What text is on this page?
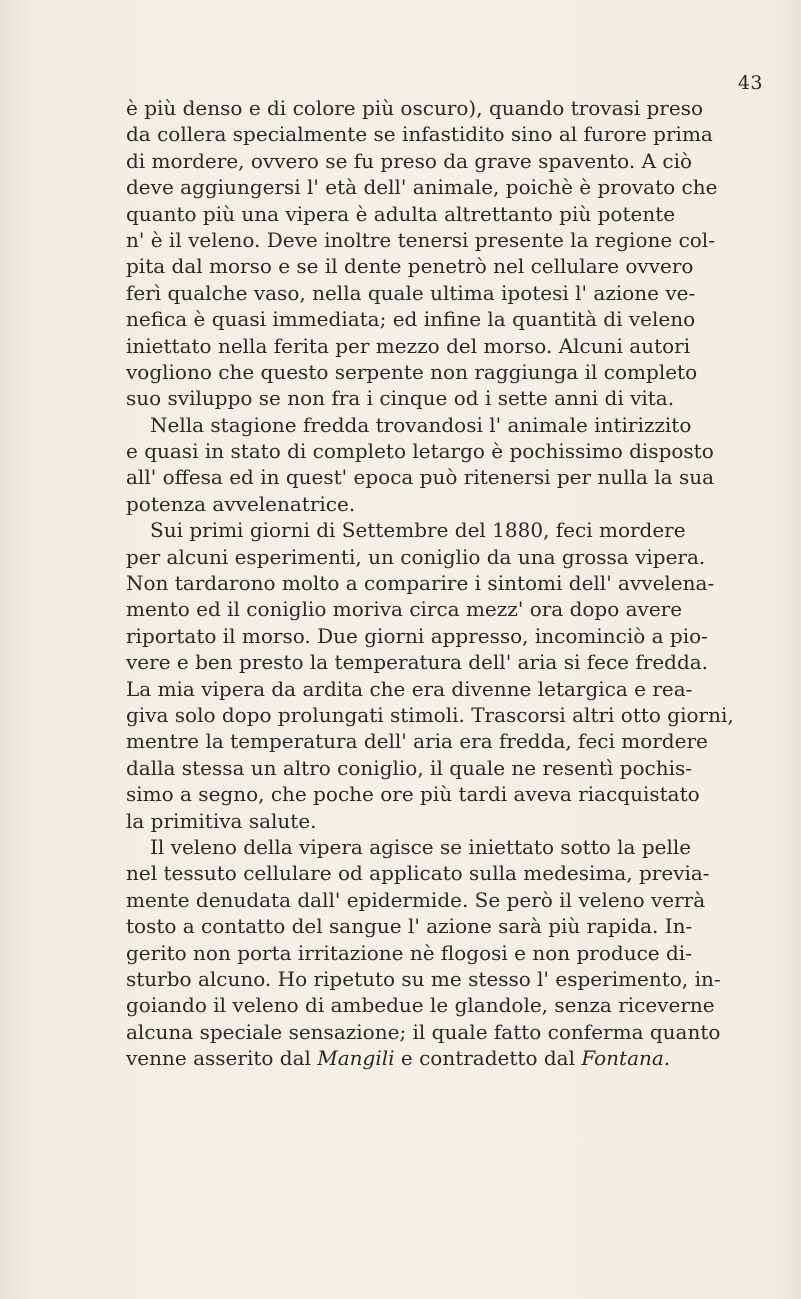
43
è più denso e di colore più oscuro), quando trovasi preso
da collera specialmente se infastidito sino al furore prima
di mordere, ovvero se fu preso da grave spavento. A ciò
deve aggiungersi l' età dell' animale, poichè è provato che
quanto più una vipera è adulta altrettanto più potente
n' è il veleno. Deve inoltre tenersi presente la regione col-
pita dal morso e se il dente penetrò nel cellulare ovvero
ferì qualche vaso, nella quale ultima ipotesi l' azione ve-
nefica è quasi immediata; ed infine la quantità di veleno
iniettato nella ferita per mezzo del morso. Alcuni autori
vogliono che questo serpente non raggiunga il completo
suo sviluppo se non fra i cinque od i sette anni di vita.
Nella stagione fredda trovandosi l' animale intirizzito
e quasi in stato di completo letargo è pochissimo disposto
all' offesa ed in quest' epoca può ritenersi per nulla la sua
potenza avvelenatrice.
Sui primi giorni di Settembre del 1880, feci mordere
per alcuni esperimenti, un coniglio da una grossa vipera.
Non tardarono molto a comparire i sintomi dell' avvelena-
mento ed il coniglio moriva circa mezz' ora dopo avere
riportato il morso. Due giorni appresso, incominciò a pio-
vere e ben presto la temperatura dell' aria si fece fredda.
La mia vipera da ardita che era divenne letargica e rea-
giva solo dopo prolungati stimoli. Trascorsi altri otto giorni,
mentre la temperatura dell' aria era fredda, feci mordere
dalla stessa un altro coniglio, il quale ne resentì pochis-
simo a segno, che poche ore più tardi aveva riacquistato
la primitiva salute.
Il veleno della vipera agisce se iniettato sotto la pelle
nel tessuto cellulare od applicato sulla medesima, previa-
mente denudata dall' epidermide. Se però il veleno verrà
tosto a contatto del sangue l' azione sarà più rapida. In-
gerito non porta irritazione nè flogosi e non produce di-
sturbo alcuno. Ho ripetuto su me stesso l' esperimento, in-
goiando il veleno di ambedue le glandole, senza riceverne
alcuna speciale sensazione; il quale fatto conferma quanto
venne asserito dal Mangili e contradetto dal Fontana.
